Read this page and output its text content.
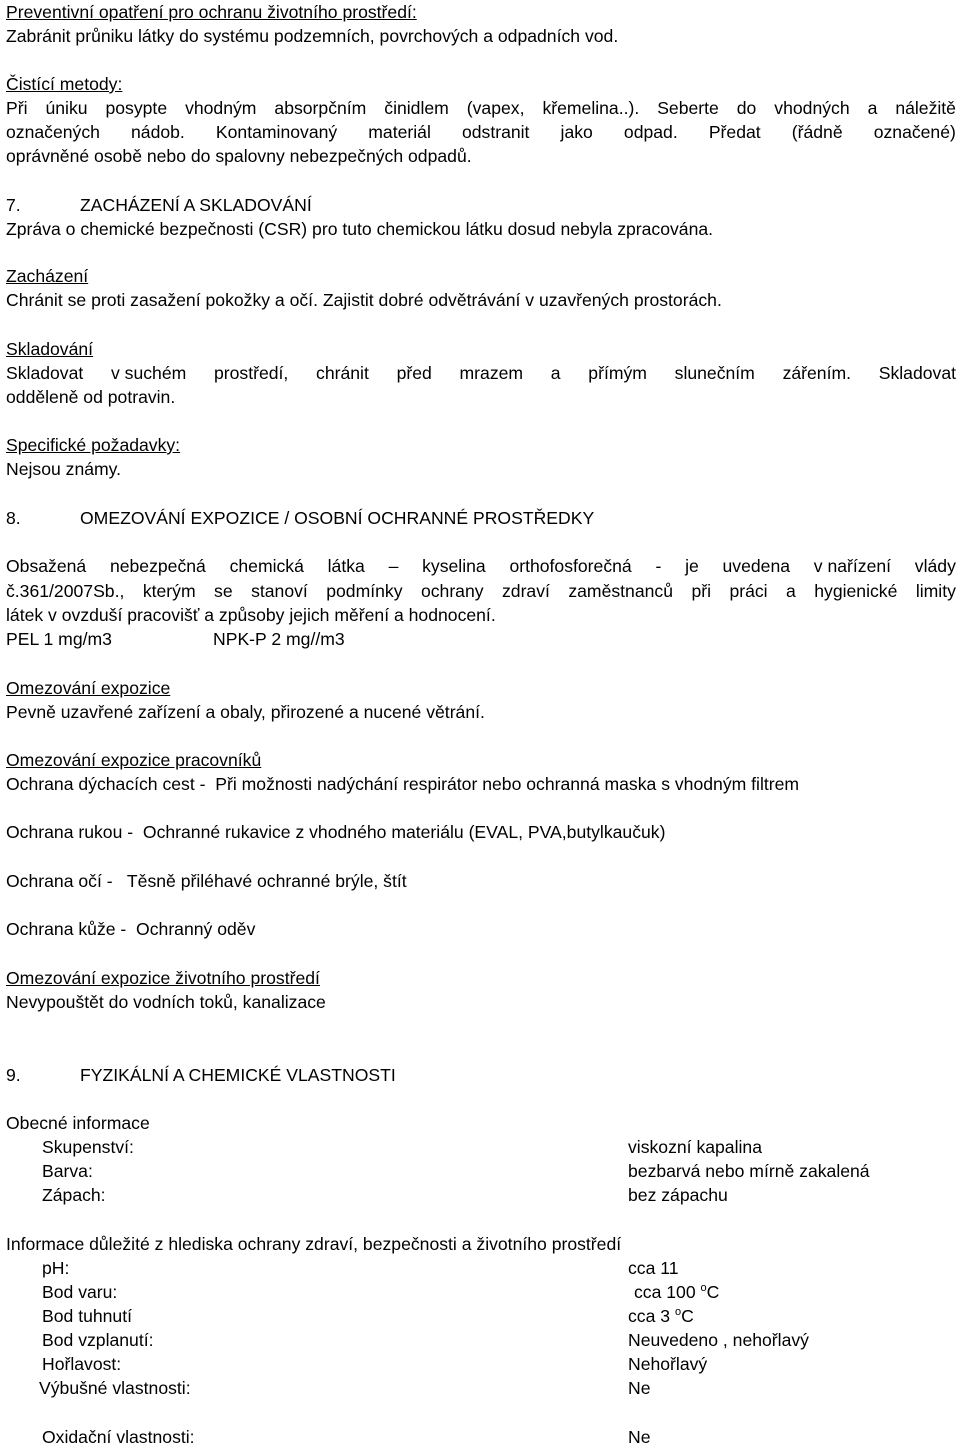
Preventivní opatření pro ochranu životního prostředí:
Zabránit průniku látky do systému podzemních, povrchových a odpadních vod.
Čistící metody:
Při úniku posypte vhodným absorpčním činidlem (vapex, křemelina..). Seberte do vhodných a náležitě
označených nádob. Kontaminovaný materiál odstranit jako odpad. Předat (řádně označené)
oprávněné osobě nebo do spalovny nebezpečných odpadů.
7.	ZACHÁZENÍ A SKLADOVÁNÍ
Zpráva o chemické bezpečnosti (CSR) pro tuto chemickou látku dosud nebyla zpracována.
Zacházení
Chránit se proti zasažení pokožky a očí. Zajistit dobré odvětrávání v uzavřených prostorách.
Skladování
Skladovat v suchém prostředí, chránit před mrazem a přímým slunečním zářením. Skladovat
odděleně od potravin.
Specifické požadavky:
Nejsou známy.
8.	OMEZOVÁNÍ EXPOZICE / OSOBNÍ OCHRANNÉ PROSTŘEDKY
Obsažená nebezpečná chemická látka – kyselina orthofosforečná - je uvedena v nařízení vlády
č.361/2007Sb., kterým se stanoví podmínky ochrany zdraví zaměstnanců při práci a hygienické limity
látek v ovzduší pracovišť a způsoby jejich měření a hodnocení.
PEL 1 mg/m3	NPK-P 2 mg//m3
Omezování expozice
Pevně uzavřené zařízení a obaly, přirozené a nucené větrání.
Omezování expozice pracovníků
Ochrana dýchacích cest -  Při možnosti nadýchání respirátor nebo ochranná maska s vhodným filtrem
Ochrana rukou -  Ochranné rukavice z vhodného materiálu (EVAL, PVA,butylkaučuk)
Ochrana očí -   Těsně přiléhavé ochranné brýle, štít
Ochrana kůže -  Ochranný oděv
Omezování expozice životního prostředí
Nevypouštět do vodních toků, kanalizace
9.	FYZIKÁLNÍ A CHEMICKÉ VLASTNOSTI
Obecné informace
Skupenství:	viskozní kapalina
Barva:	bezbarvá nebo mírně zakalená
Zápach:	bez zápachu
Informace důležité z hlediska ochrany zdraví, bezpečnosti a životního prostředí
pH:	cca 11
Bod varu:	cca 100 $^o$C
Bod tuhnutí	cca 3 $^o$C
Bod vzplanutí:	Neuvedeno , nehořlavý
Hořlavost:	Nehořlavý
Výbušné vlastnosti:	Ne
Oxidační vlastnosti:	Ne
